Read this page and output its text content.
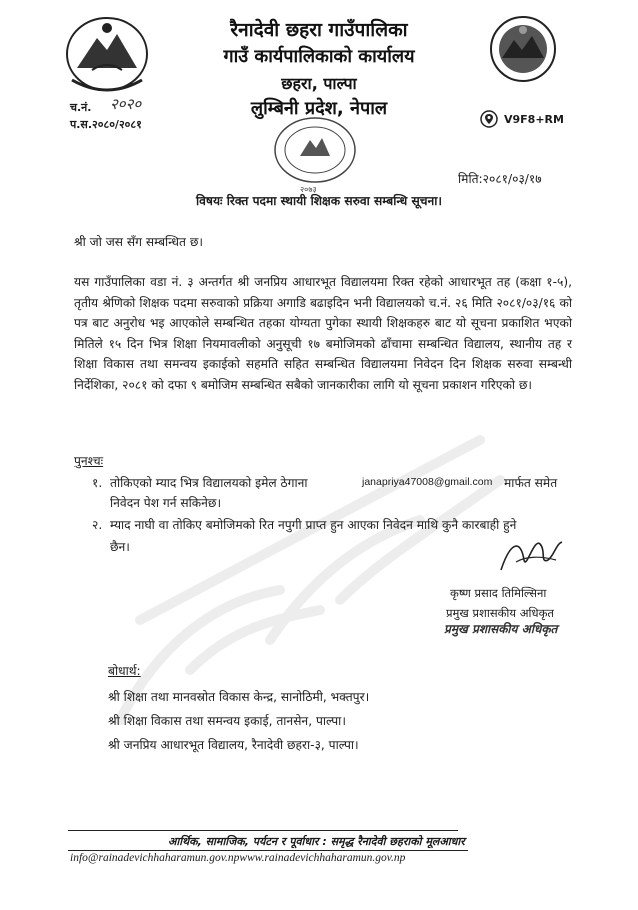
रैनादेवी छहरा गाउँपालिका
गाउँ कार्यपालिकाको कार्यालय
छहरा, पाल्पा
लुम्बिनी प्रदेश, नेपाल
च.नं. २०२०
प.स.२०८०/२०८१	V9F8+RM
२०७३
मिति:२०८१/०३/१७
विषयः रिक्त पदमा स्थायी शिक्षक सरुवा सम्बन्धि सूचना।
श्री जो जस सँग सम्बन्धित छ।
यस गाउँपालिका वडा नं. ३ अन्तर्गत श्री जनप्रिय आधारभूत विद्यालयमा रिक्त रहेको आधारभूत तह (कक्षा १-५), तृतीय श्रेणिको शिक्षक पदमा सरुवाको प्रक्रिया अगाडि बढाइदिन भनी विद्यालयको च.नं. २६ मिति २०८१/०३/१६ को पत्र बाट अनुरोध भइ आएकोले सम्बन्धित तहका योग्यता पुगेका स्थायी शिक्षकहरु बाट यो सूचना प्रकाशित भएको मितिले १५ दिन भित्र शिक्षा नियमावलीको अनुसूची १७ बमोजिमको ढाँचामा सम्बन्धित विद्यालय, स्थानीय तह र शिक्षा विकास तथा समन्वय इकाईको सहमति सहित सम्बन्धित विद्यालयमा निवेदन दिन शिक्षक सरुवा सम्बन्धी निर्देशिका, २०८१ को दफा ९ बमोजिम सम्बन्धित सबैको जानकारीका लागि यो सूचना प्रकाशन गरिएको छ।
पुनश्चः
१. तोकिएको म्याद भित्र विद्यालयको इमेल ठेगाना	janapriya47008@gmail.com मार्फत समेत
निवेदन पेश गर्न सकिनेछ।
२. म्याद नाघी वा तोकिए बमोजिमको रित नपुगी प्राप्त हुन आएका निवेदन माथि कुनै कारबाही हुने
छैन।
कृष्ण प्रसाद तिमिल्सिना
प्रमुख प्रशासकीय अधिकृत
प्रमुख प्रशासकीय अधिकृत
बोधार्थ:
श्री शिक्षा तथा मानवस्रोत विकास केन्द्र, सानोठिमी, भक्तपुर।
श्री शिक्षा विकास तथा समन्वय इकाई, तानसेन, पाल्पा।
श्री जनप्रिय आधारभूत विद्यालय, रैनादेवी छहरा-३, पाल्पा।
आर्थिक, सामाजिक, पर्यटन र पूर्वाधार : समृद्ध रैनादेवी छहराको मूलआधार
info@rainadevichhaharamun.gov.npwww.rainadevichhaharamun.gov.np
